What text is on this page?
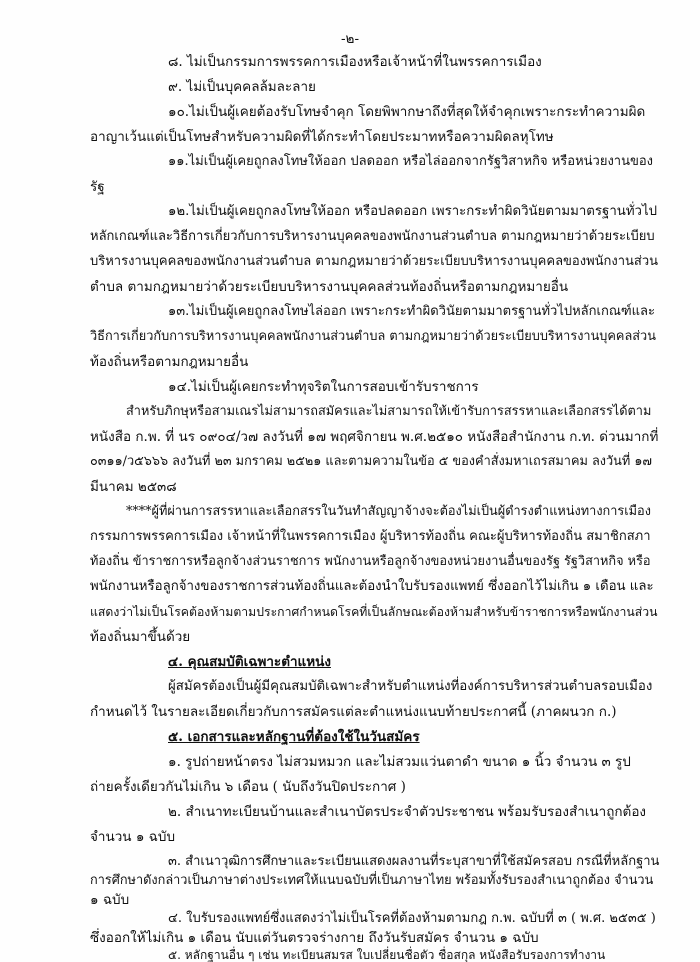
-๒-
๘. ไม่เป็นกรรมการพรรคการเมืองหรือเจ้าหน้าที่ในพรรคการเมือง
๙. ไม่เป็นบุคคลล้มละลาย
๑๐.ไม่เป็นผู้เคยต้องรับโทษจำคุก โดยพิพากษาถึงที่สุดให้จำคุกเพราะกระทำความผิด
อาญาเว้นแต่เป็นโทษสำหรับความผิดที่ได้กระทำโดยประมาทหรือความผิดลหุโทษ
๑๑.ไม่เป็นผู้เคยถูกลงโทษให้ออก ปลดออก หรือไล่ออกจากรัฐวิสาหกิจ หรือหน่วยงานของ
รัฐ
๑๒.ไม่เป็นผู้เคยถูกลงโทษให้ออก หรือปลดออก เพราะกระทำผิดวินัยตามมาตรฐานทั่วไป
หลักเกณฑ์และวิธีการเกี่ยวกับการบริหารงานบุคคลของพนักงานส่วนตำบล ตามกฎหมายว่าด้วยระเบียบ
บริหารงานบุคคลของพนักงานส่วนตำบล ตามกฎหมายว่าด้วยระเบียบบริหารงานบุคคลของพนักงานส่วน
ตำบล ตามกฎหมายว่าด้วยระเบียบบริหารงานบุคคลส่วนท้องถิ่นหรือตามกฎหมายอื่น
๑๓.ไม่เป็นผู้เคยถูกลงโทษไล่ออก เพราะกระทำผิดวินัยตามมาตรฐานทั่วไปหลักเกณฑ์และ
วิธีการเกี่ยวกับการบริหารงานบุคคลพนักงานส่วนตำบล ตามกฎหมายว่าด้วยระเบียบบริหารงานบุคคลส่วน
ท้องถิ่นหรือตามกฎหมายอื่น
๑๔.ไม่เป็นผู้เคยกระทำทุจริตในการสอบเข้ารับราชการ
สำหรับภิกษุหรือสามเณรไม่สามารถสมัครและไม่สามารถให้เข้ารับการสรรหาและเลือกสรรได้ตาม
หนังสือ ก.พ. ที่ นร ๐๙๐๔/ว๗ ลงวันที่ ๑๗ พฤศจิกายน พ.ศ.๒๕๑๐ หนังสือสำนักงาน ก.ท. ด่วนมากที่
๐๓๑๑/ว๕๖๖๖ ลงวันที่ ๒๓ มกราคม ๒๕๒๑ และตามความในข้อ ๕ ของคำสั่งมหาเถรสมาคม ลงวันที่ ๑๗
มีนาคม ๒๕๓๘
****ผู้ที่ผ่านการสรรหาและเลือกสรรในวันทำสัญญาจ้างจะต้องไม่เป็นผู้ดำรงตำแหน่งทางการเมือง
กรรมการพรรคการเมือง เจ้าหน้าที่ในพรรคการเมือง ผู้บริหารท้องถิ่น คณะผู้บริหารท้องถิ่น สมาชิกสภา
ท้องถิ่น ข้าราชการหรือลูกจ้างส่วนราชการ พนักงานหรือลูกจ้างของหน่วยงานอื่นของรัฐ รัฐวิสาหกิจ หรือ
พนักงานหรือลูกจ้างของราชการส่วนท้องถิ่นและต้องนำใบรับรองแพทย์ ซึ่งออกไว้ไม่เกิน ๑ เดือน และ
แสดงว่าไม่เป็นโรคต้องห้ามตามประกาศกำหนดโรคที่เป็นลักษณะต้องห้ามสำหรับข้าราชการหรือพนักงานส่วน
ท้องถิ่นมาขึ้นด้วย
๔. คุณสมบัติเฉพาะตำแหน่ง
ผู้สมัครต้องเป็นผู้มีคุณสมบัติเฉพาะสำหรับตำแหน่งที่องค์การบริหารส่วนตำบลรอบเมือง
กำหนดไว้ ในรายละเอียดเกี่ยวกับการสมัครแต่ละตำแหน่งแนบท้ายประกาศนี้ (ภาคผนวก ก.)
๕. เอกสารและหลักฐานที่ต้องใช้ในวันสมัคร
๑. รูปถ่ายหน้าตรง ไม่สวมหมวก และไม่สวมแว่นตาดำ ขนาด ๑ นิ้ว จำนวน ๓ รูป
ถ่ายครั้งเดียวกันไม่เกิน ๖ เดือน ( นับถึงวันปิดประกาศ )
๒. สำเนาทะเบียนบ้านและสำเนาบัตรประจำตัวประชาชน พร้อมรับรองสำเนาถูกต้อง
จำนวน ๑ ฉบับ
๓. สำเนาวุฒิการศึกษาและระเบียนแสดงผลงานที่ระบุสาขาที่ใช้สมัครสอบ กรณีที่หลักฐาน
การศึกษาดังกล่าวเป็นภาษาต่างประเทศให้แนบฉบับที่เป็นภาษาไทย พร้อมทั้งรับรองสำเนาถูกต้อง จำนวน
๑ ฉบับ
๔. ใบรับรองแพทย์ซึ่งแสดงว่าไม่เป็นโรคที่ต้องห้ามตามกฎ ก.พ. ฉบับที่ ๓ ( พ.ศ. ๒๕๓๕ )
ซึ่งออกให้ไม่เกิน ๑ เดือน นับแต่วันตรวจร่างกาย ถึงวันรับสมัคร จำนวน ๑ ฉบับ
๕. หลักฐานอื่น ๆ เช่น ทะเบียนสมรส ใบเปลี่ยนชื่อตัว ชื่อสกุล หนังสือรับรองการทำงาน
